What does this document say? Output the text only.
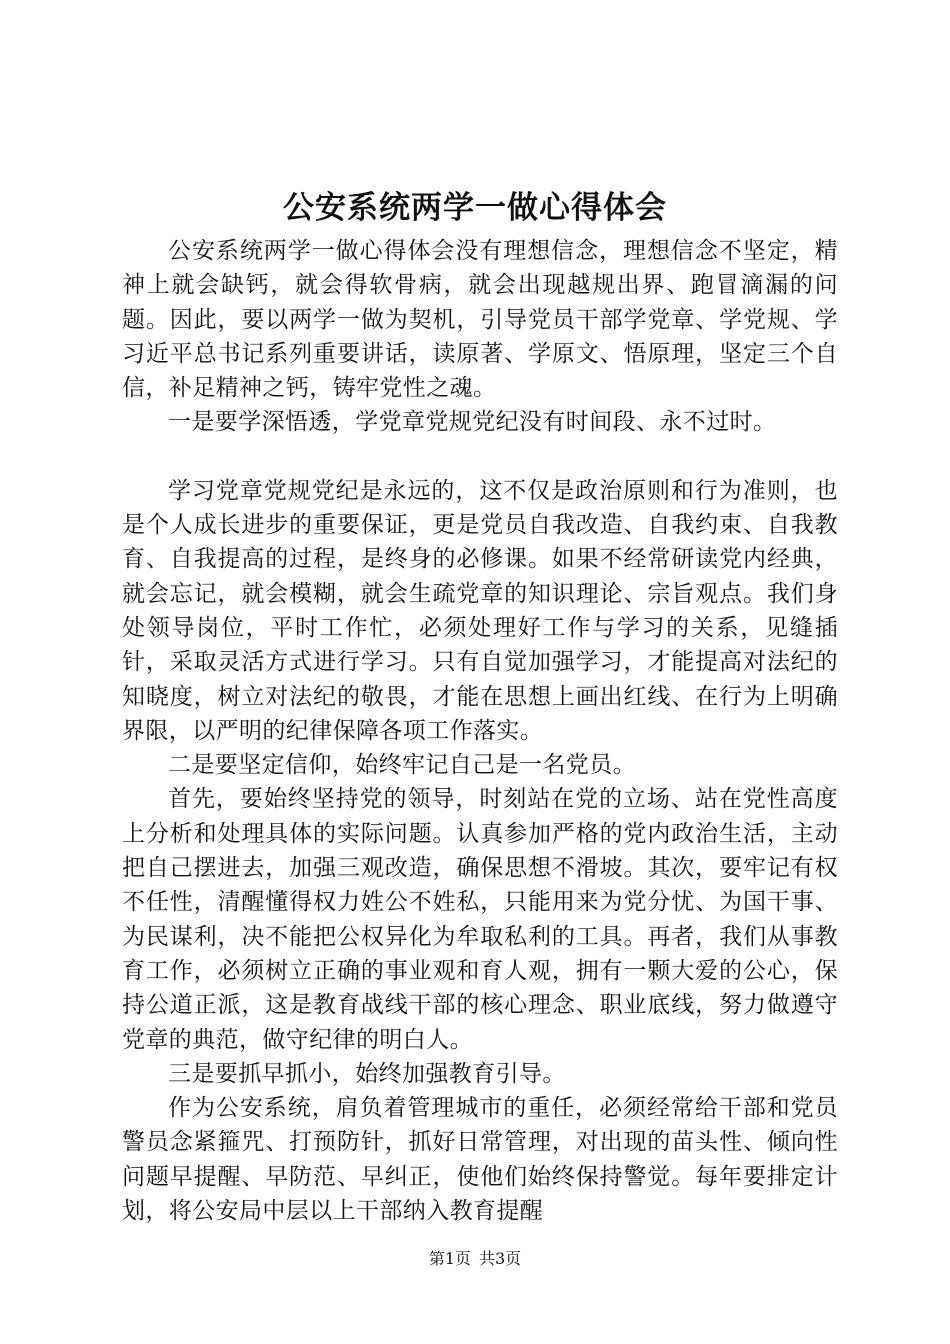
公安系统两学一做心得体会

公安系统两学一做心得体会没有理想信念，理想信念不坚定，精神上就会缺钙，就会得软骨病，就会出现越规出界、跑冒滴漏的问题。因此，要以两学一做为契机，引导党员干部学党章、学党规、学习近平总书记系列重要讲话，读原著、学原文、悟原理，坚定三个自信，补足精神之钙，铸牢党性之魂。

一是要学深悟透，学党章党规党纪没有时间段、永不过时。

学习党章党规党纪是永远的，这不仅是政治原则和行为准则，也是个人成长进步的重要保证，更是党员自我改造、自我约束、自我教育、自我提高的过程，是终身的必修课。如果不经常研读党内经典，就会忘记，就会模糊，就会生疏党章的知识理论、宗旨观点。我们身处领导岗位，平时工作忙，必须处理好工作与学习的关系，见缝插针，采取灵活方式进行学习。只有自觉加强学习，才能提高对法纪的知晓度，树立对法纪的敬畏，才能在思想上画出红线、在行为上明确界限，以严明的纪律保障各项工作落实。

二是要坚定信仰，始终牢记自己是一名党员。

首先，要始终坚持党的领导，时刻站在党的立场、站在党性高度上分析和处理具体的实际问题。认真参加严格的党内政治生活，主动把自己摆进去，加强三观改造，确保思想不滑坡。其次，要牢记有权不任性，清醒懂得权力姓公不姓私，只能用来为党分忧、为国干事、为民谋利，决不能把公权异化为牟取私利的工具。再者，我们从事教育工作，必须树立正确的事业观和育人观，拥有一颗大爱的公心，保持公道正派，这是教育战线干部的核心理念、职业底线，努力做遵守党章的典范，做守纪律的明白人。

三是要抓早抓小，始终加强教育引导。

作为公安系统，肩负着管理城市的重任，必须经常给干部和党员警员念紧箍咒、打预防针，抓好日常管理，对出现的苗头性、倾向性问题早提醒、早防范、早纠正，使他们始终保持警觉。每年要排定计划，将公安局中层以上干部纳入教育提醒

第1页 共3页
